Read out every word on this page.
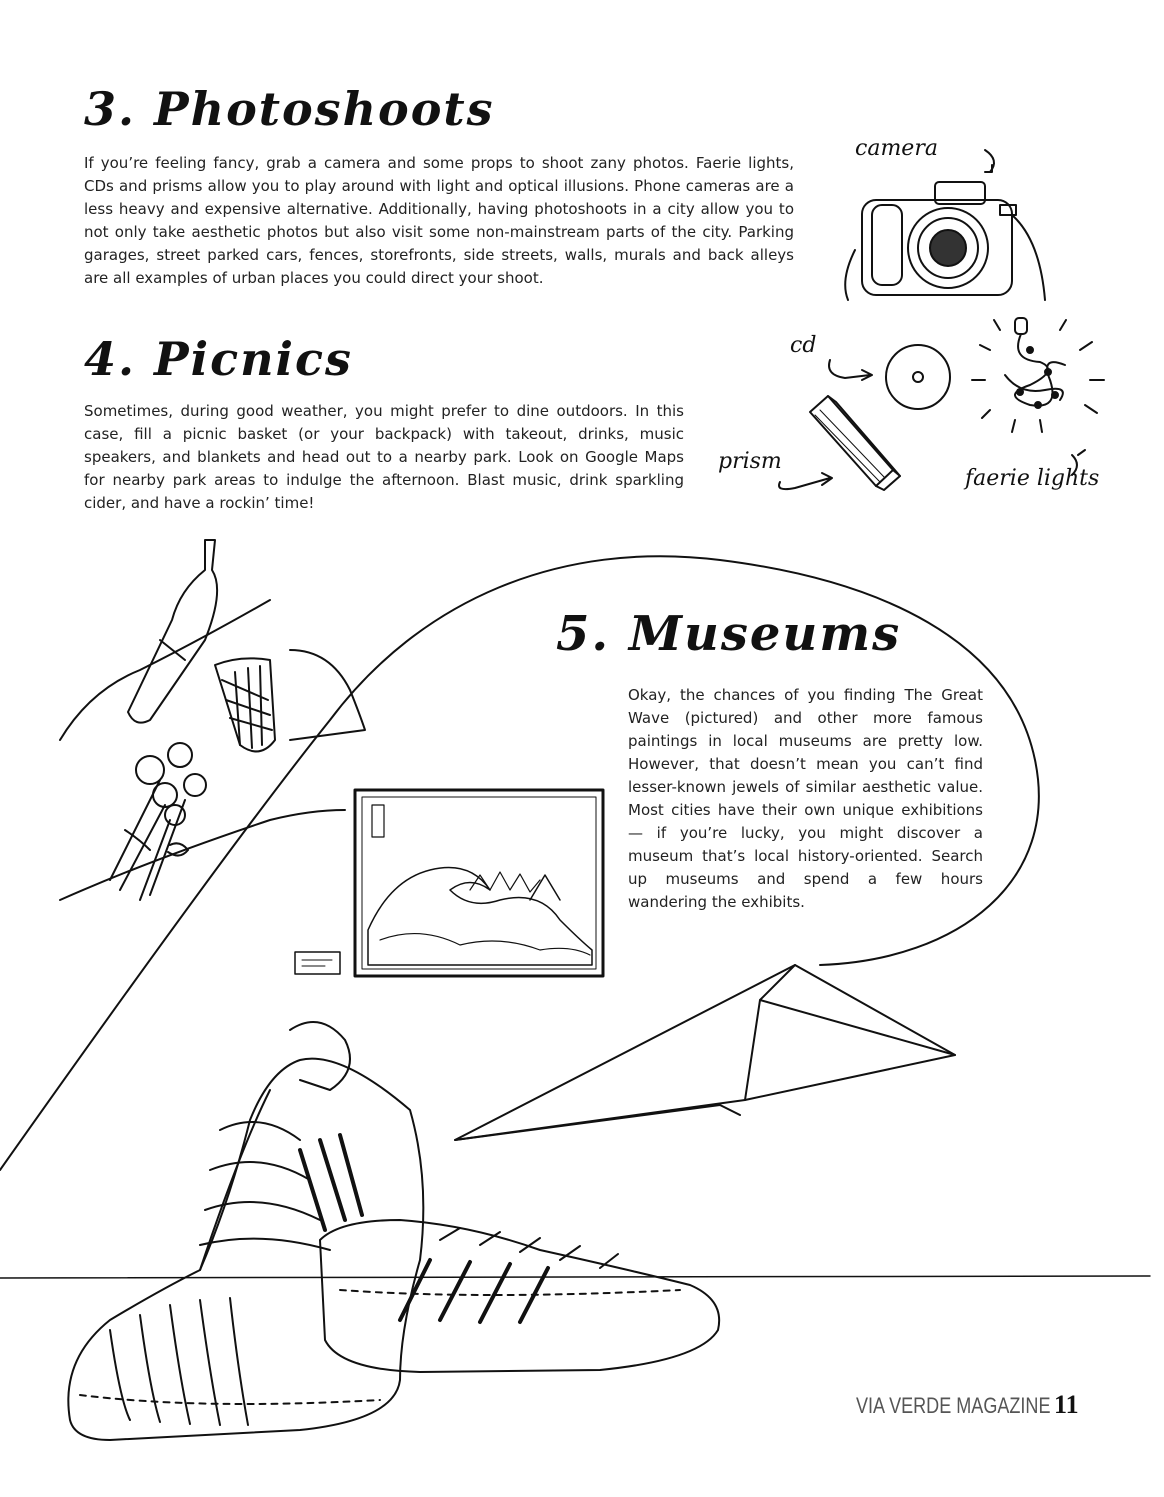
camera
cd
prism
faerie lights
3. Photoshoots
If you’re feeling fancy, grab a camera and some props to shoot zany photos. Faerie lights, CDs and prisms allow you to play around with light and optical illusions. Phone cameras are a less heavy and expensive alternative. Additionally, having photoshoots in a city allow you to not only take aesthetic photos but also visit some non-mainstream parts of the city. Parking garages, street parked cars, fences, storefronts, side streets, walls, murals and back alleys are all examples of urban places you could direct your shoot.
4. Picnics
Sometimes, during good weather, you might prefer to dine outdoors. In this case, fill a picnic basket (or your backpack) with takeout, drinks, music speakers, and blankets and head out to a nearby park. Look on Google Maps for nearby park areas to indulge the afternoon. Blast music, drink sparkling cider, and have a rockin’ time!
5. Museums
Okay, the chances of you finding The Great Wave (pictured) and other more famous paintings in local museums are pretty low. However, that doesn’t mean you can’t find lesser-known jewels of similar aesthetic value. Most cities have their own unique exhibitions — if you’re lucky, you might discover a museum that’s local history-oriented. Search up museums and spend a few hours wandering the exhibits.
VIA VERDE MAGAZINE 11
